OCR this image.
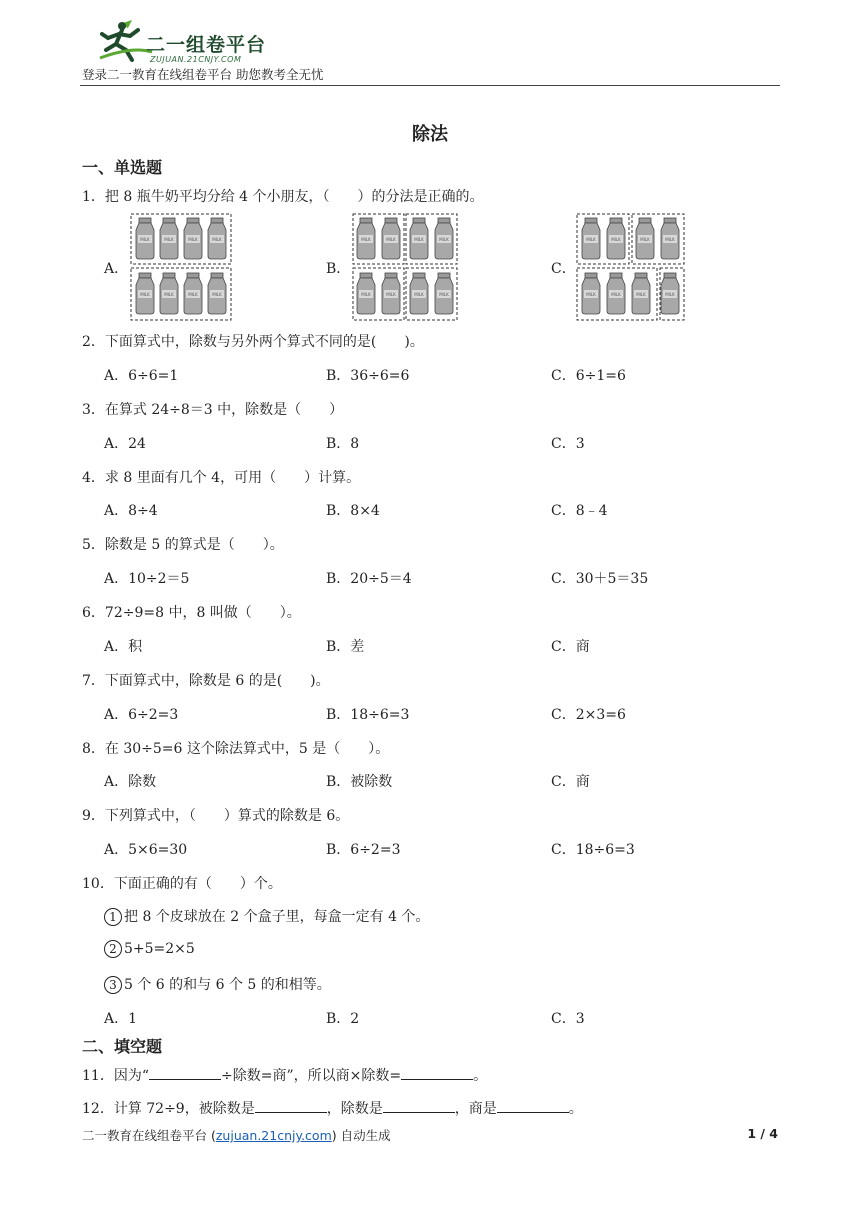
二一组卷平台
ZUJUAN.21CNJY.COM
登录二一教育在线组卷平台 助您教考全无忧
除法
一、单选题
1．把 8 瓶牛奶平均分给 4 个小朋友，（　　）的分法是正确的。
A．	B．	C．
MILK	MILK	MILK	MILK
MILK	MILK	MILK	MILK
MILK	MILK	MILK	MILK
MILK	MILK	MILK	MILK
MILK	MILK	MILK	MILK
MILK	MILK	MILK	MILK
2．下面算式中，除数与另外两个算式不同的是(　　)。
A．6÷6=1	B．36÷6=6	C．6÷1=6
3．在算式 24÷8＝3 中，除数是（　　）
A．24	B．8	C．3
4．求 8 里面有几个 4，可用（　　）计算。
A．8÷4	B．8×4	C．8﹣4
5．除数是 5 的算式是（　　）。
A．10÷2＝5	B．20÷5＝4	C．30＋5＝35
6．72÷9=8 中，8 叫做（　　）。
A．积	B．差	C．商
7．下面算式中，除数是 6 的是(　　)。
A．6÷2=3	B．18÷6=3	C．2×3=6
8．在 30÷5=6 这个除法算式中，5 是（　　）。
A．除数	B．被除数	C．商
9．下列算式中，（　　）算式的除数是 6。
A．5×6=30	B．6÷2=3	C．18÷6=3
10．下面正确的有（　　）个。
1 把 8 个皮球放在 2 个盒子里，每盒一定有 4 个。
2 5+5=2×5
3 5 个 6 的和与 6 个 5 的和相等。
A．1	B．2	C．3
二、填空题
11．因为“	÷除数=商”，所以商×除数=	。
12．计算 72÷9，被除数是	，除数是	，商是	。
二一教育在线组卷平台 (zujuan.21cnjy.com) 自动生成	1 / 4
